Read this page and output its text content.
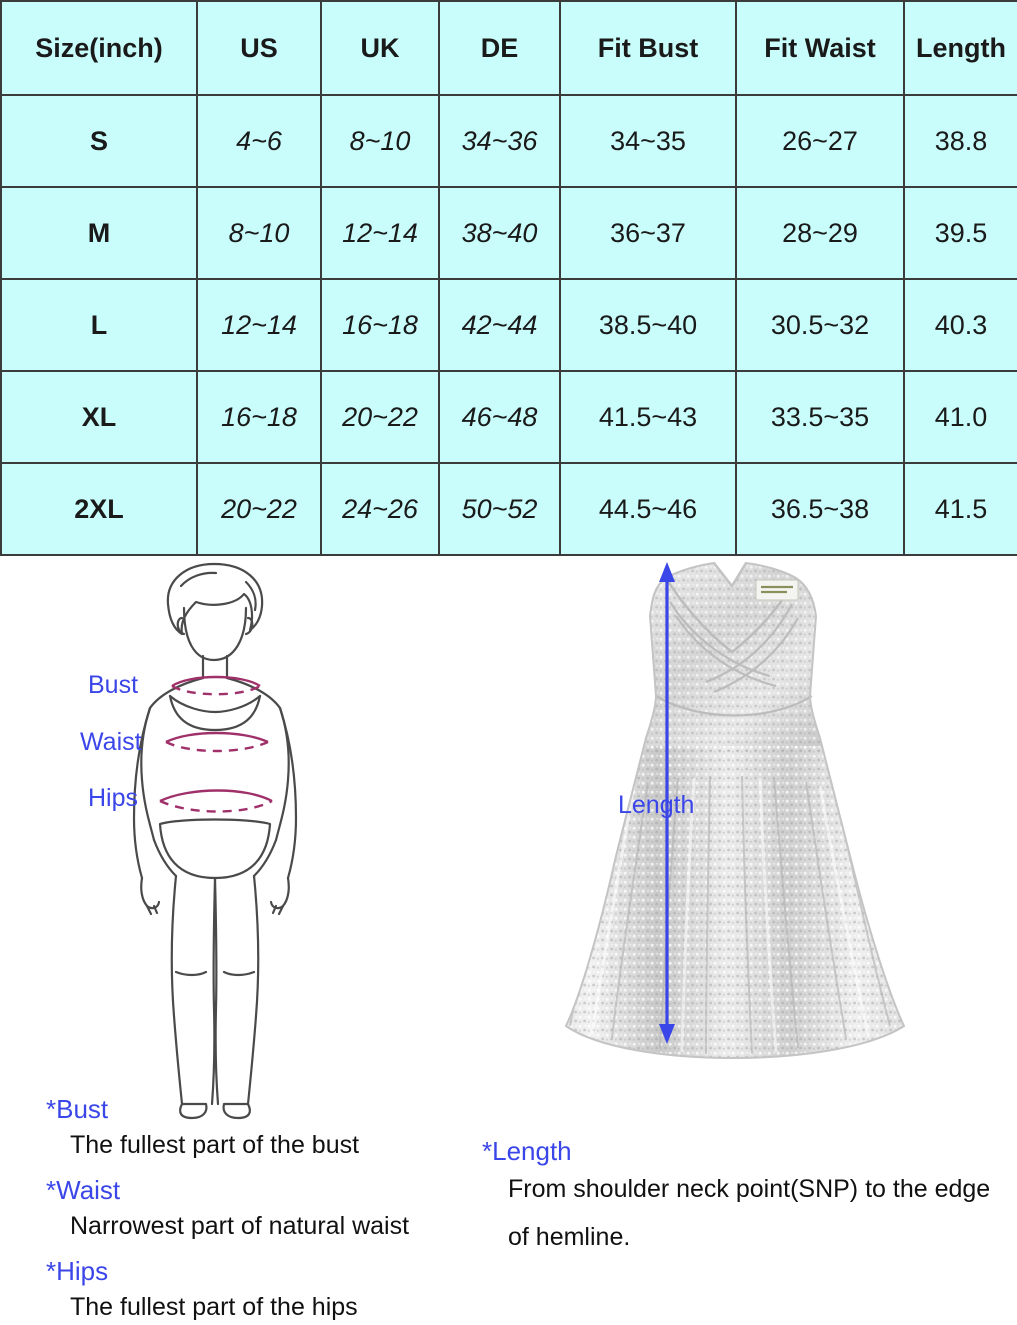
Size(inch)	US	UK	DE	Fit Bust	Fit Waist	Length
S	4~6	8~10	34~36	34~35	26~27	38.8
M	8~10	12~14	38~40	36~37	28~29	39.5
L	12~14	16~18	42~44	38.5~40	30.5~32	40.3
XL	16~18	20~22	46~48	41.5~43	33.5~35	41.0
2XL	20~22	24~26	50~52	44.5~46	36.5~38	41.5
Bust
Waist
Hips	Length

*Bust

The fullest part of the bust

*Waist

Narrowest part of natural waist

*Hips

The fullest part of the hips

*Length

From shoulder neck point(SNP) to the edge

of hemline.
